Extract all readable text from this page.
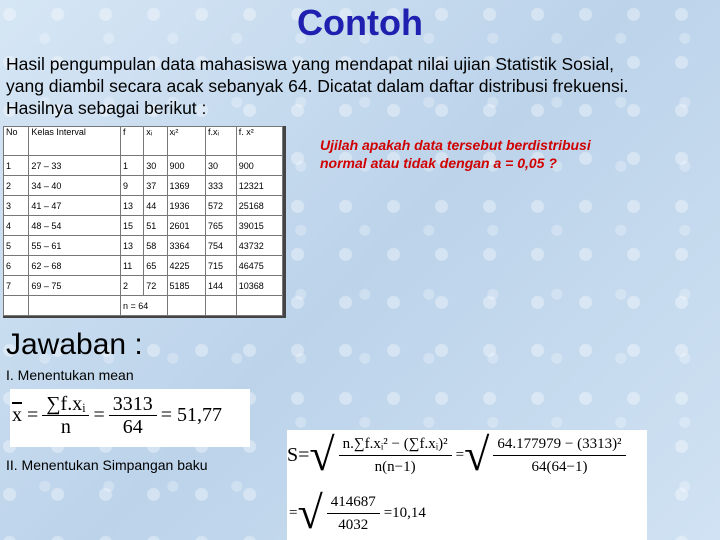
Contoh
Hasil pengumpulan data mahasiswa yang mendapat nilai ujian Statistik Sosial,
yang diambil secara acak sebanyak 64. Dicatat dalam daftar distribusi frekuensi.
Hasilnya sebagai berikut :
No	Kelas Interval	f	xᵢ	xᵢ²	f.xᵢ	f. x²
1	27 – 33	1	30	900	30	900
2	34 – 40	9	37	1369	333	12321
3	41 – 47	13	44	1936	572	25168
4	48 – 54	15	51	2601	765	39015
5	55 – 61	13	58	3364	754	43732
6	62 – 68	11	65	4225	715	46475
7	69 – 75	2	72	5185	144	10368
		n = 64				
Ujilah apakah data tersebut berdistribusi
normal atau tidak dengan a = 0,05 ?
Jawaban :
I. Menentukan mean
$\overline{x} = \frac{\text{∑f.xᵢ}}{n} = \frac{3313}{64} = 51,77$
II. Menentukan Simpangan baku	S= √ $\frac{\text{n.∑f.xᵢ² − (∑f.xᵢ)²}}{n(n-1)}$ = √ $\frac{\text{64.177979 − (3313)²}}{64(64-1)}$
= √ $\frac{414687}{4032} =10,14$
